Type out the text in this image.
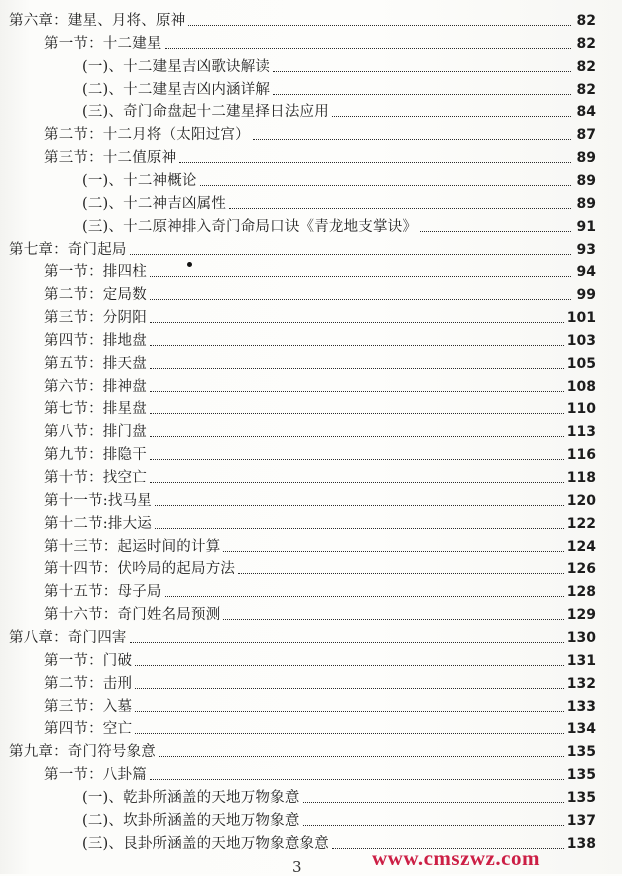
第六章：建星、月将、原神	82
第一节：十二建星	82
(一)、十二建星吉凶歌诀解读	82
(二)、十二建星吉凶内涵详解	82
(三)、奇门命盘起十二建星择日法应用	84
第二节：十二月将（太阳过宫）	87
第三节：十二值原神	89
(一)、十二神概论	89
(二)、十二神吉凶属性	89
(三)、十二原神排入奇门命局口诀《青龙地支掌诀》	91
第七章：奇门起局	93
第一节：排四柱	94
第二节：定局数	99
第三节：分阴阳	101
第四节：排地盘	103
第五节：排天盘	105
第六节：排神盘	108
第七节：排星盘	110
第八节：排门盘	113
第九节：排隐干	116
第十节：找空亡	118
第十一节:找马星	120
第十二节:排大运	122
第十三节：起运时间的计算	124
第十四节：伏吟局的起局方法	126
第十五节：母子局	128
第十六节：奇门姓名局预测	129
第八章：奇门四害	130
第一节：门破	131
第二节：击刑	132
第三节：入墓	133
第四节：空亡	134
第九章：奇门符号象意	135
第一节：八卦篇	135
(一)、乾卦所涵盖的天地万物象意	135
(二)、坎卦所涵盖的天地万物象意	137
(三)、艮卦所涵盖的天地万物象意象意	138
3	www.cmszwz.com
